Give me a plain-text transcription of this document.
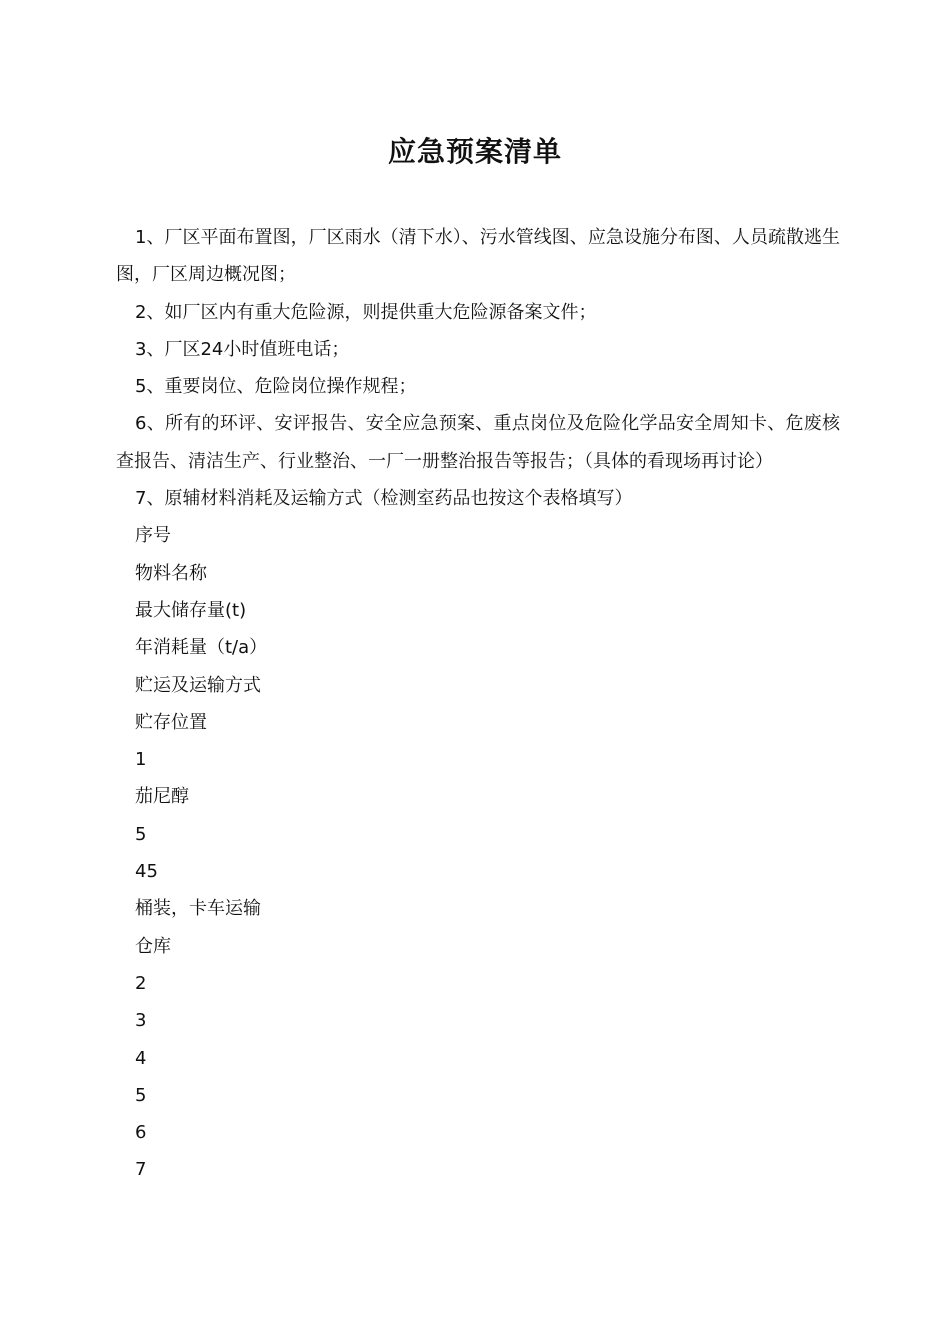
应急预案清单

1、厂区平面布置图，厂区雨水（清下水）、污水管线图、应急设施分布图、人员疏散逃生图，厂区周边概况图；

2、如厂区内有重大危险源，则提供重大危险源备案文件；

3、厂区24小时值班电话；

5、重要岗位、危险岗位操作规程；

6、所有的环评、安评报告、安全应急预案、重点岗位及危险化学品安全周知卡、危废核查报告、清洁生产、行业整治、一厂一册整治报告等报告；（具体的看现场再讨论）

7、原辅材料消耗及运输方式（检测室药品也按这个表格填写）

序号

物料名称

最大储存量(t)

年消耗量（t/a）

贮运及运输方式

贮存位置

1

茄尼醇

5

45

桶装，卡车运输

仓库

2

3

4

5

6

7
